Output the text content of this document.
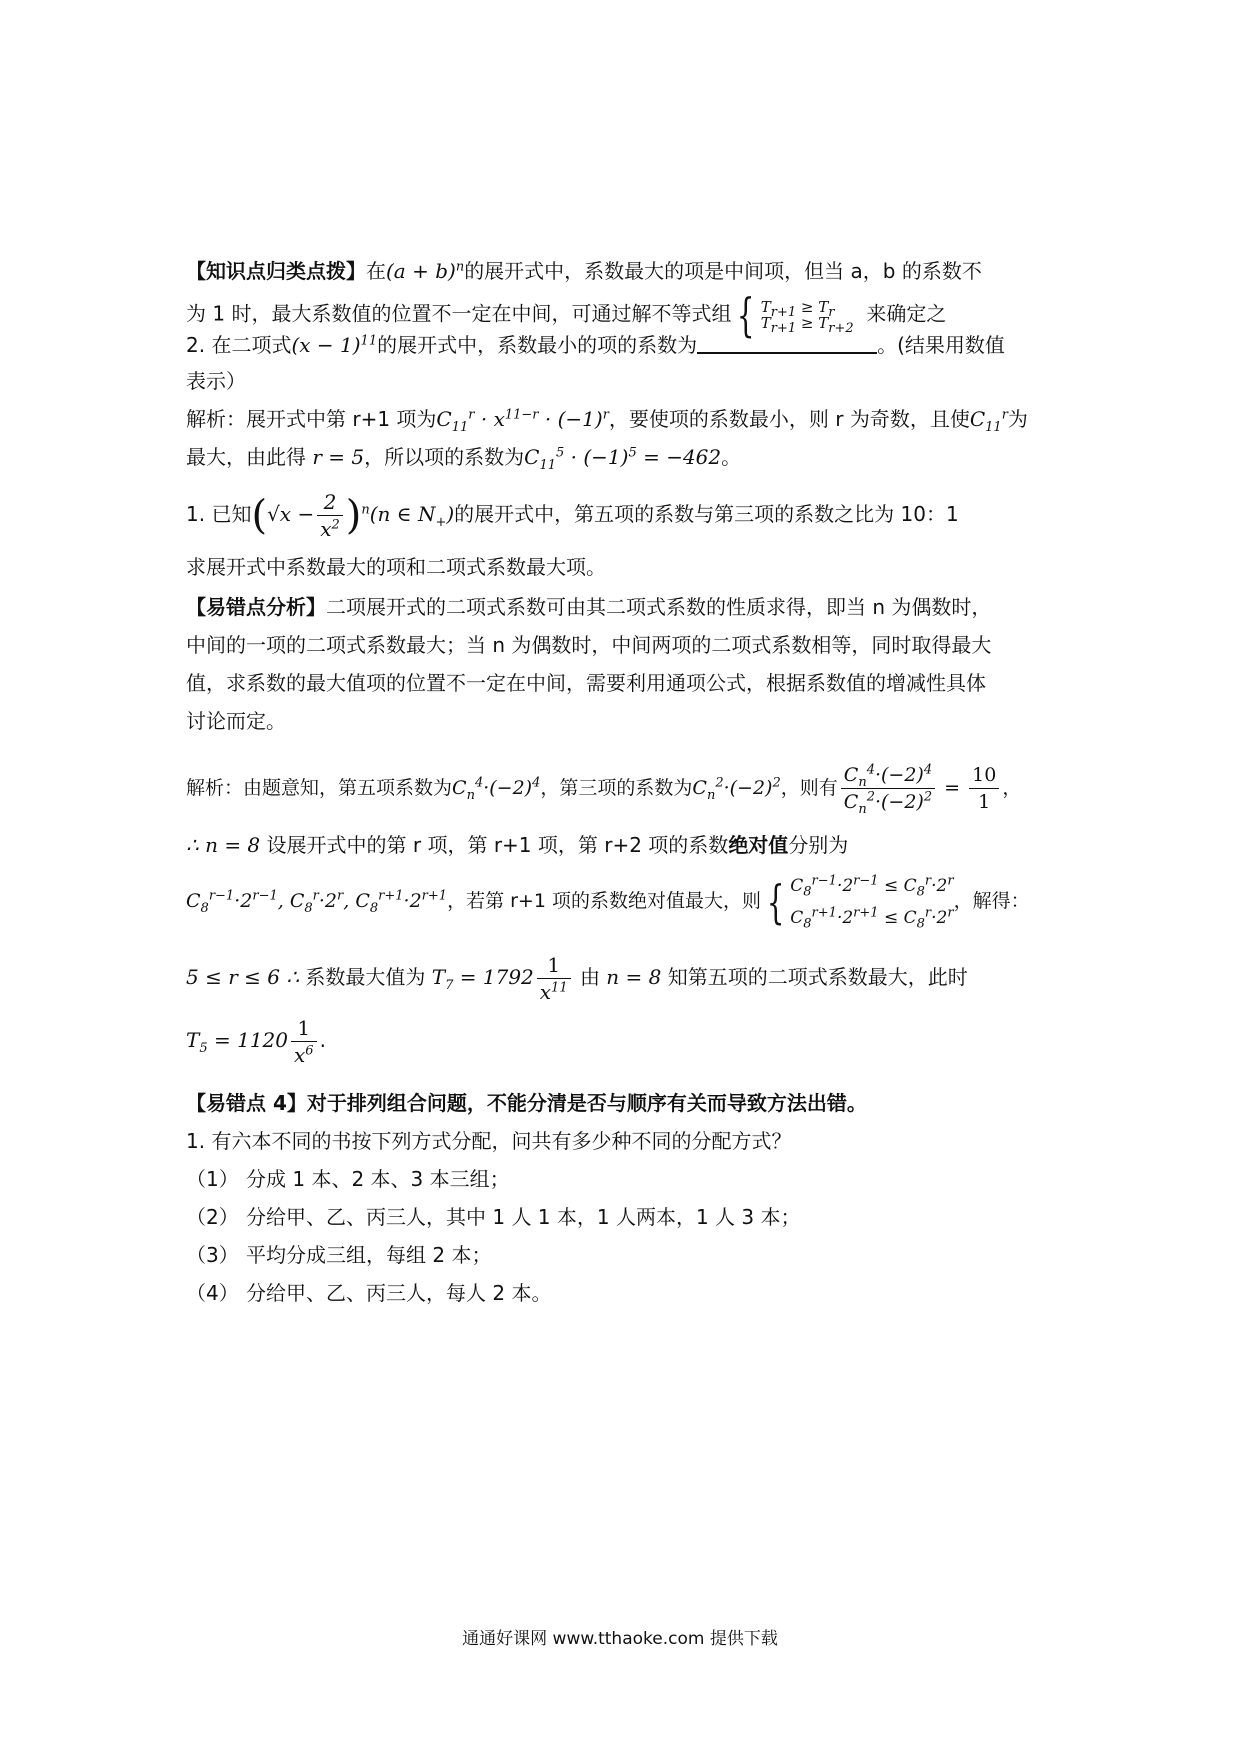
【知识点归类点拨】在$(a + b)^n$的展开式中，系数最大的项是中间项，但当 a，b 的系数不
为 1 时，最大系数值的位置不一定在中间，可通过解不等式组 { $T_{r+1} \ge T_r$
$T_{r+1} \ge T_{r+2}$
来确定之
2. 在二项式$(x - 1)^{11}$的展开式中，系数最小的项的系数为	。(结果用数值
表示）
解析：展开式中第 r+1 项为$C_{11}^r \cdot x^{11-r} \cdot (-1)^r$，要使项的系数最小，则 r 为奇数，且使$C_{11}^r$为
最大，由此得 r = 5，所以项的系数为$C_{11}^5 \cdot (-1)^5 = -462$。
1. 已知$(√x - \frac{2}{x^2} )^n(n$ ∈ $N_+$)的展开式中，第五项的系数与第三项的系数之比为 10：1
求展开式中系数最大的项和二项式系数最大项。
【易错点分析】二项展开式的二项式系数可由其二项式系数的性质求得，即当 n 为偶数时，
中间的一项的二项式系数最大；当 n 为偶数时，中间两项的二项式系数相等，同时取得最大
值，求系数的最大值项的位置不一定在中间，需要利用通项公式，根据系数值的增减性具体
讨论而定。
解析：由题意知，第五项系数为$C_n^4\cdot(-2)^4$，第三项的系数为$C_n^2\cdot(-2)^2$，则有 $\frac{C_n^4\cdot(-2)^4}{C_n^2\cdot(-2)^2} = \frac{10}{1}$ ，
∴ n = 8 设展开式中的第 r 项，第 r+1 项，第 r+2 项的系数绝对值分别为
$C_8^{r-1}\cdot 2^{r-1}$, $C_8^r\cdot 2^r$, $C_8^{r+1}\cdot 2^{r+1}$，若第 r+1 项的系数绝对值最大，则 { $C_8^{r-1}\cdot 2^{r-1} \le C_8^r\cdot 2^r$
$C_8^{r+1}\cdot 2^{r+1} \le C_8^r\cdot 2^r$
，解得：
5 ≤ r ≤ 6 ∴ 系数最大值为 $T_7 = 1792 \frac{1}{x^{11}}$ 由 n = 8 知第五项的二项式系数最大，此时
$T_5 = 1120 \frac{1}{x^6}$ .
【易错点 4】对于排列组合问题，不能分清是否与顺序有关而导致方法出错。
1. 有六本不同的书按下列方式分配，问共有多少种不同的分配方式？
（1） 分成 1 本、2 本、3 本三组；
（2） 分给甲、乙、丙三人，其中 1 人 1 本，1 人两本，1 人 3 本；
（3） 平均分成三组，每组 2 本；
（4） 分给甲、乙、丙三人，每人 2 本。
通通好课网 www.tthaoke.com 提供下载
